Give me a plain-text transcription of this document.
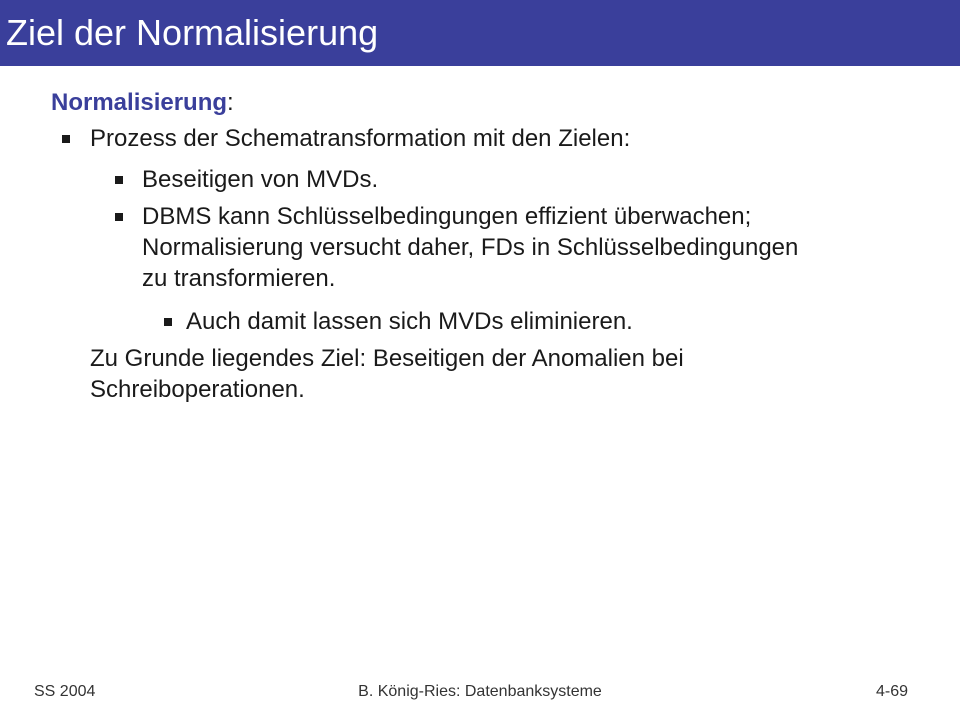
Ziel der Normalisierung
Normalisierung:
Prozess der Schematransformation mit den Zielen:
Beseitigen von MVDs.
DBMS kann Schlüsselbedingungen effizient überwachen;
Normalisierung versucht daher, FDs in Schlüsselbedingungen
zu transformieren.
Auch damit lassen sich MVDs eliminieren.
Zu Grunde liegendes Ziel: Beseitigen der Anomalien bei
Schreiboperationen.
SS 2004	B. König-Ries: Datenbanksysteme	4-69
